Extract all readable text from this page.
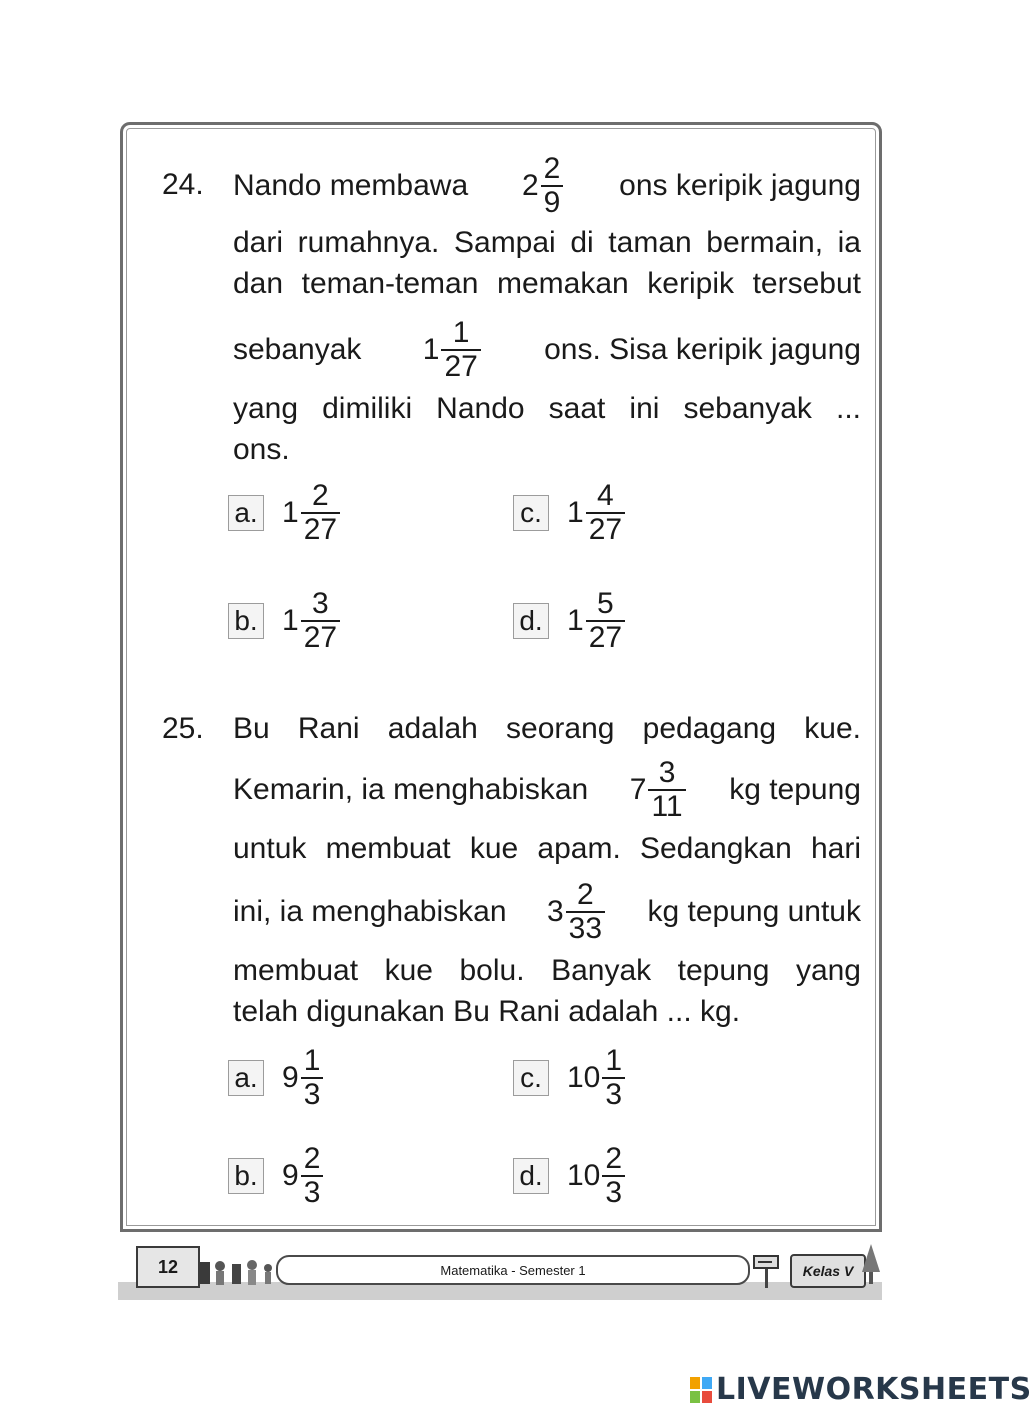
24. Nando membawa $2 \frac{2}{9}$ ons keripik jagung

dari rumahnya. Sampai di taman bermain, ia

dan teman-teman memakan keripik tersebut

sebanyak $1 \frac{1}{27}$ ons. Sisa keripik jagung

yang dimiliki Nando saat ini sebanyak ...

ons.

a. $1 \frac{2}{27}$
b. $1 \frac{3}{27}$
c. $1 \frac{4}{27}$
d. $1 \frac{5}{27}$
25. Bu Rani adalah seorang pedagang kue.

Kemarin, ia menghabiskan $7 \frac{3}{11}$ kg tepung

untuk membuat kue apam. Sedangkan hari

ini, ia menghabiskan $3 \frac{2}{33}$ kg tepung untuk

membuat kue bolu. Banyak tepung yang

telah digunakan Bu Rani adalah ... kg.

a. $9 \frac{1}{3}$
b. $9 \frac{2}{3}$
c. $10 \frac{1}{3}$
d. $10 \frac{2}{3}$
12	Matematika - Semester 1	Kelas V
LIVEWORKSHEETS
